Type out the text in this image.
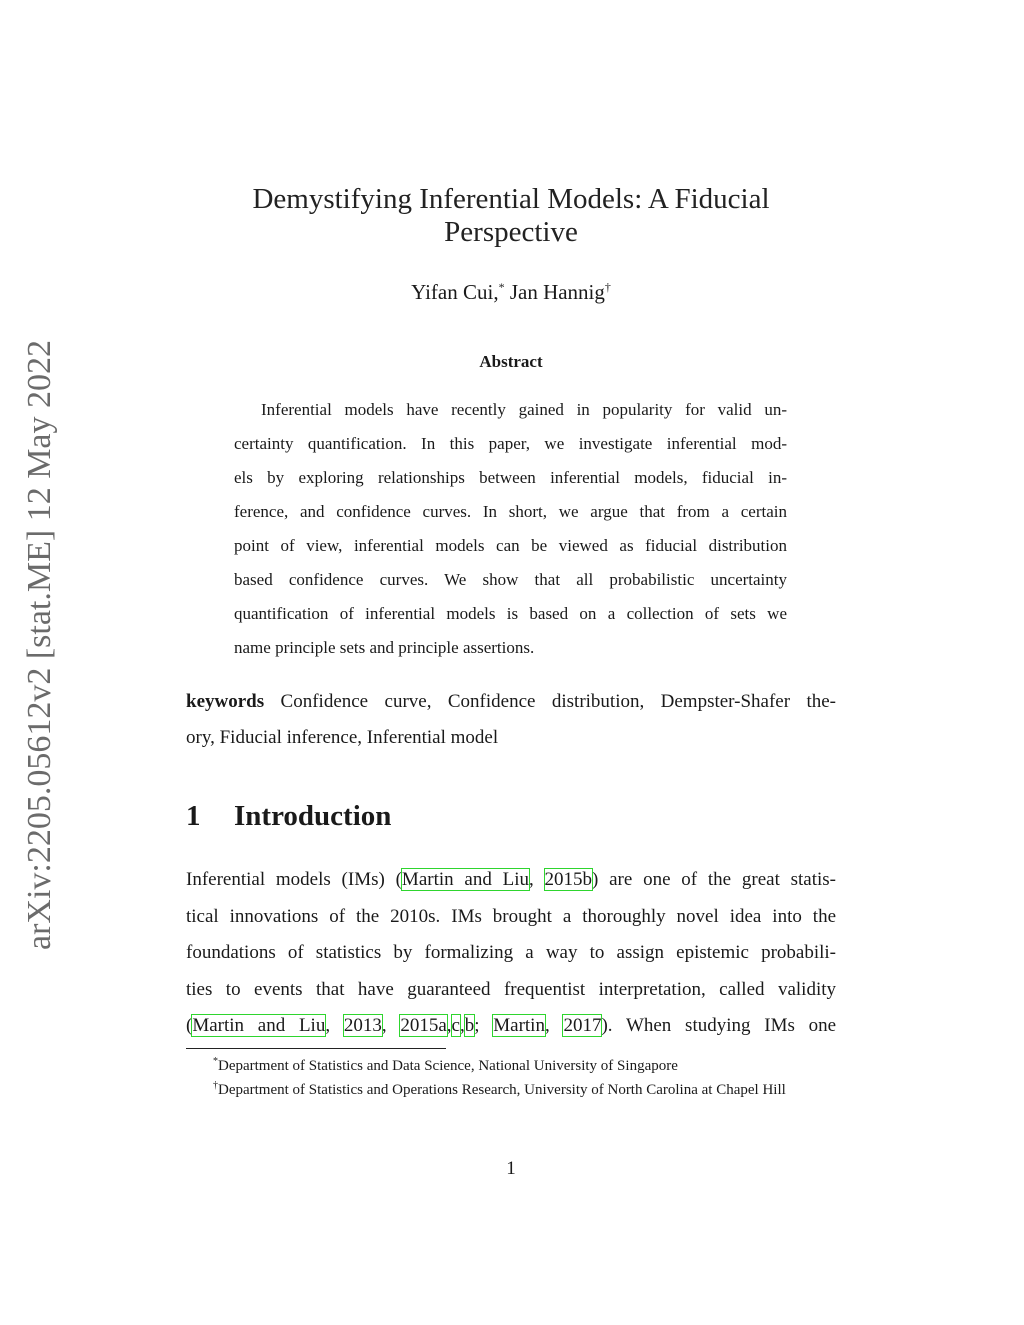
arXiv:2205.05612v2 [stat.ME] 12 May 2022
Demystifying Inferential Models: A Fiducial Perspective
Yifan Cui,* Jan Hannig†
Abstract
Inferential models have recently gained in popularity for valid un-
certainty quantification. In this paper, we investigate inferential mod-
els by exploring relationships between inferential models, fiducial in-
ference, and confidence curves. In short, we argue that from a certain
point of view, inferential models can be viewed as fiducial distribution
based confidence curves. We show that all probabilistic uncertainty
quantification of inferential models is based on a collection of sets we
name principle sets and principle assertions.
keywords Confidence curve, Confidence distribution, Dempster-Shafer the-
ory, Fiducial inference, Inferential model
1 Introduction
Inferential models (IMs) (Martin and Liu, 2015b) are one of the great statis-
tical innovations of the 2010s. IMs brought a thoroughly novel idea into the
foundations of statistics by formalizing a way to assign epistemic probabili-
ties to events that have guaranteed frequentist interpretation, called validity
(Martin and Liu, 2013, 2015a,c,b; Martin, 2017). When studying IMs one
*Department of Statistics and Data Science, National University of Singapore
†Department of Statistics and Operations Research, University of North Carolina at Chapel Hill
1
